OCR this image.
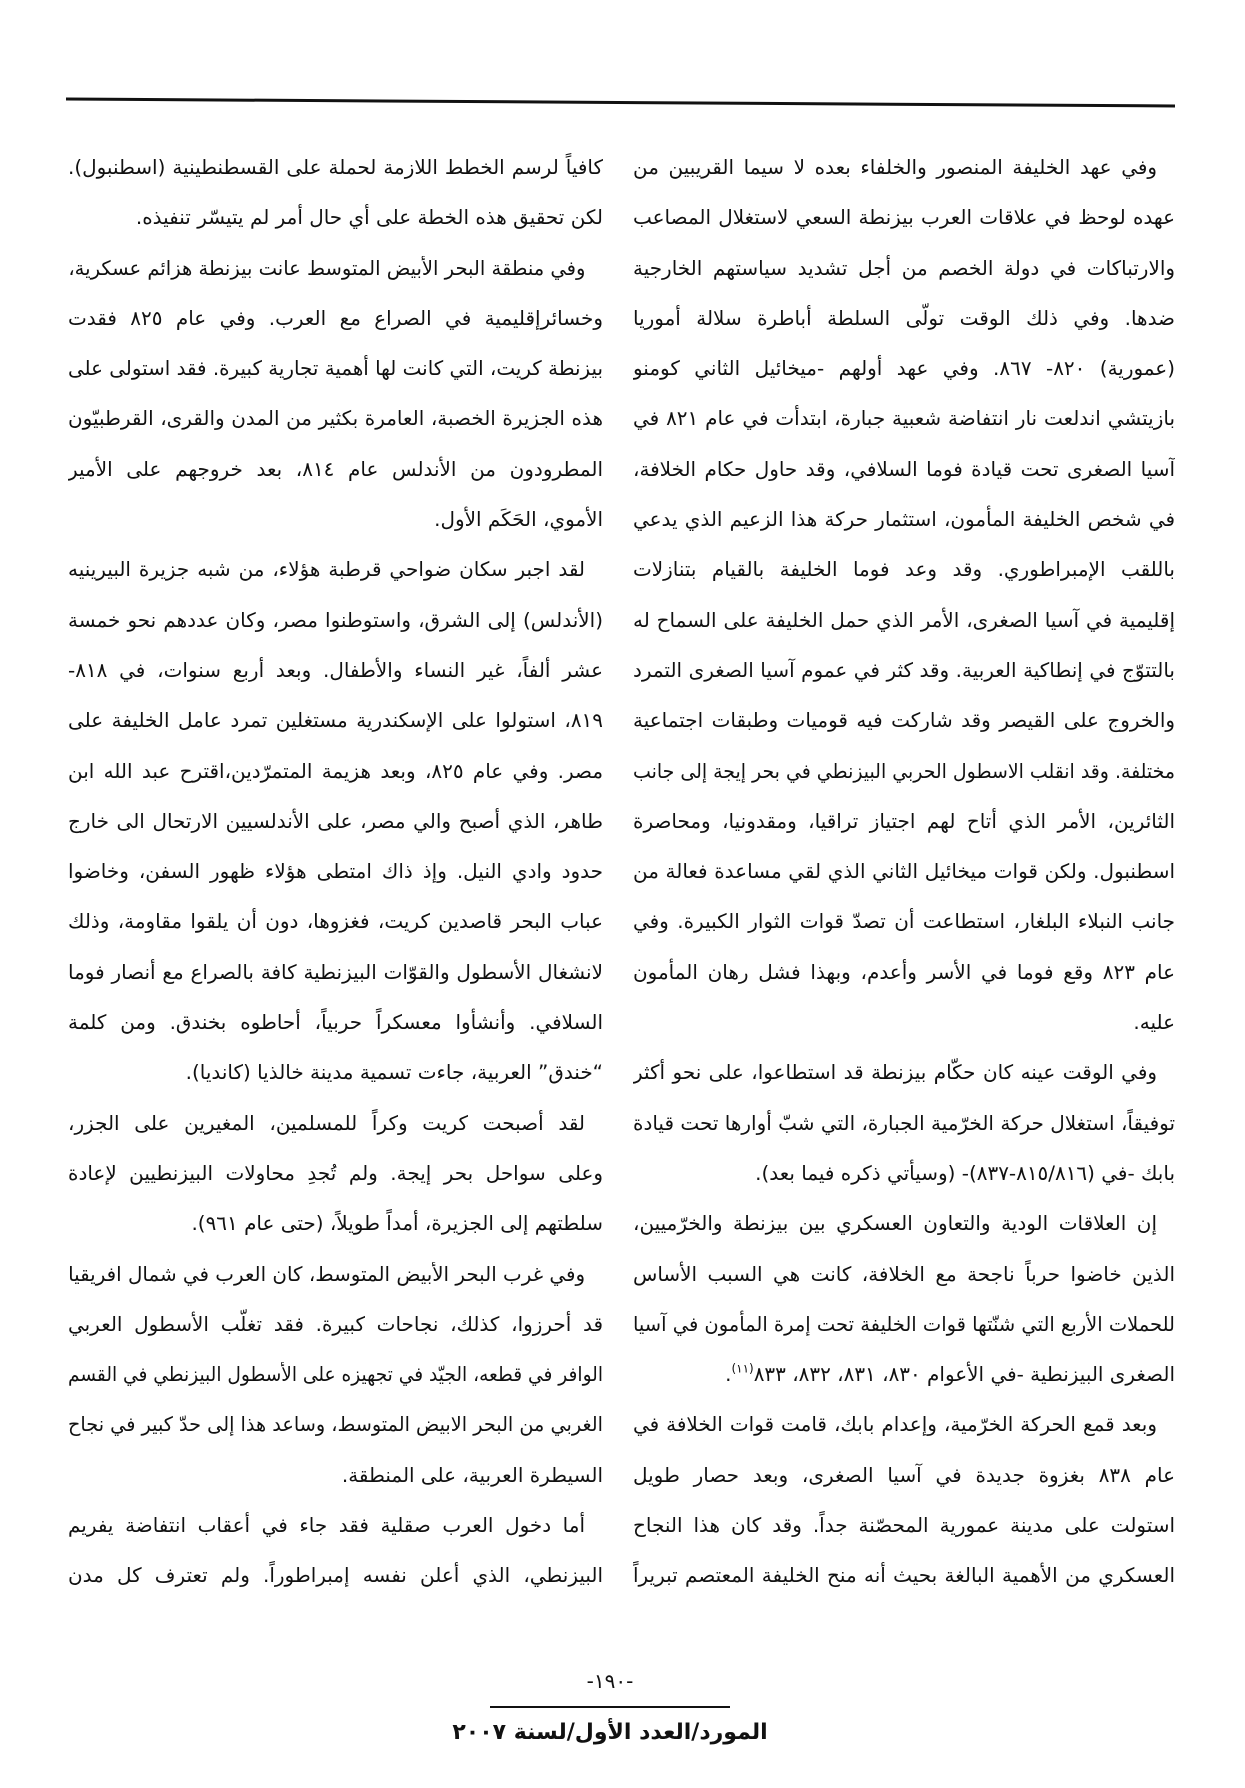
وفي عهد الخليفة المنصور والخلفاء بعده لا سيما القريبين من
عهده لوحظ في علاقات العرب بيزنطة السعي لاستغلال المصاعب
والارتباكات في دولة الخصم من أجل تشديد سياستهم الخارجية
ضدها. وفي ذلك الوقت تولّى السلطة أباطرة سلالة أموريا
(عمورية) ٨٢٠- ٨٦٧. وفي عهد أولهم -ميخائيل الثاني كومنو
بازيتشي اندلعت نار انتفاضة شعبية جبارة، ابتدأت في عام ٨٢١ في
آسيا الصغرى تحت قيادة فوما السلافي، وقد حاول حكام الخلافة،
في شخص الخليفة المأمون، استثمار حركة هذا الزعيم الذي يدعي
باللقب الإمبراطوري. وقد وعد فوما الخليفة بالقيام بتنازلات
إقليمية في آسيا الصغرى، الأمر الذي حمل الخليفة على السماح له
بالتتوّج في إنطاكية العربية. وقد كثر في عموم آسيا الصغرى التمرد
والخروج على القيصر وقد شاركت فيه قوميات وطبقات اجتماعية
مختلفة. وقد انقلب الاسطول الحربي البيزنطي في بحر إيجة إلى جانب
الثائرين، الأمر الذي أتاح لهم اجتياز تراقيا، ومقدونيا، ومحاصرة
اسطنبول. ولكن قوات ميخائيل الثاني الذي لقي مساعدة فعالة من
جانب النبلاء البلغار، استطاعت أن تصدّ قوات الثوار الكبيرة. وفي
عام ٨٢٣ وقع فوما في الأسر وأعدم، وبهذا فشل رهان المأمون
عليه.
وفي الوقت عينه كان حكّام بيزنطة قد استطاعوا، على نحو أكثر
توفيقاً، استغلال حركة الخرّمية الجبارة، التي شبّ أوارها تحت قيادة
بابك -في (٨١٥/٨١٦-٨٣٧)- (وسيأتي ذكره فيما بعد).
إن العلاقات الودية والتعاون العسكري بين بيزنطة والخرّميين،
الذين خاضوا حرباً ناجحة مع الخلافة، كانت هي السبب الأساس
للحملات الأربع التي شنّتها قوات الخليفة تحت إمرة المأمون في آسيا
الصغرى البيزنطية -في الأعوام ٨٣٠، ٨٣١، ٨٣٢، ٨٣٣$^{(١١)}$.
وبعد قمع الحركة الخرّمية، وإعدام بابك، قامت قوات الخلافة في
عام ٨٣٨ بغزوة جديدة في آسيا الصغرى، وبعد حصار طويل
استولت على مدينة عمورية المحصّنة جداً. وقد كان هذا النجاح
العسكري من الأهمية البالغة بحيث أنه منح الخليفة المعتصم تبريراً
كافياً لرسم الخطط اللازمة لحملة على القسطنطينية (اسطنبول).
لكن تحقيق هذه الخطة على أي حال أمر لم يتيسّر تنفيذه.
وفي منطقة البحر الأبيض المتوسط عانت بيزنطة هزائم عسكرية،
وخسائرإقليمية في الصراع مع العرب. وفي عام ٨٢٥ فقدت
بيزنطة كريت، التي كانت لها أهمية تجارية كبيرة. فقد استولى على
هذه الجزيرة الخصبة، العامرة بكثير من المدن والقرى، القرطبيّون
المطرودون من الأندلس عام ٨١٤، بعد خروجهم على الأمير
الأموي، الحَكَم الأول.
لقد اجبر سكان ضواحي قرطبة هؤلاء، من شبه جزيرة البيرينيه
(الأندلس) إلى الشرق، واستوطنوا مصر، وكان عددهم نحو خمسة
عشر ألفاً، غير النساء والأطفال. وبعد أربع سنوات، في ٨١٨-
٨١٩، استولوا على الإسكندرية مستغلين تمرد عامل الخليفة على
مصر. وفي عام ٨٢٥، وبعد هزيمة المتمرّدين،اقترح عبد الله ابن
طاهر، الذي أصبح والي مصر، على الأندلسيين الارتحال الى خارج
حدود وادي النيل. وإذ ذاك امتطى هؤلاء ظهور السفن، وخاضوا
عباب البحر قاصدين كريت، فغزوها، دون أن يلقوا مقاومة، وذلك
لانشغال الأسطول والقوّات البيزنطية كافة بالصراع مع أنصار فوما
السلافي. وأنشأوا معسكراً حربياً، أحاطوه بخندق. ومن كلمة
“خندق” العربية، جاءت تسمية مدينة خالذيا (كانديا).
لقد أصبحت كريت وكراً للمسلمين، المغيرين على الجزر،
وعلى سواحل بحر إيجة. ولم تُجدِ محاولات البيزنطيين لإعادة
سلطتهم إلى الجزيرة، أمداً طويلاً، (حتى عام ٩٦١).
وفي غرب البحر الأبيض المتوسط، كان العرب في شمال افريقيا
قد أحرزوا، كذلك، نجاحات كبيرة. فقد تغلّب الأسطول العربي
الوافر في قطعه، الجيّد في تجهيزه على الأسطول البيزنطي في القسم
الغربي من البحر الابيض المتوسط، وساعد هذا إلى حدّ كبير في نجاح
السيطرة العربية، على المنطقة.
أما دخول العرب صقلية فقد جاء في أعقاب انتفاضة يفريم
البيزنطي، الذي أعلن نفسه إمبراطوراً. ولم تعترف كل مدن
-١٩٠-
المورد/العدد الأول/لسنة ٢٠٠٧
